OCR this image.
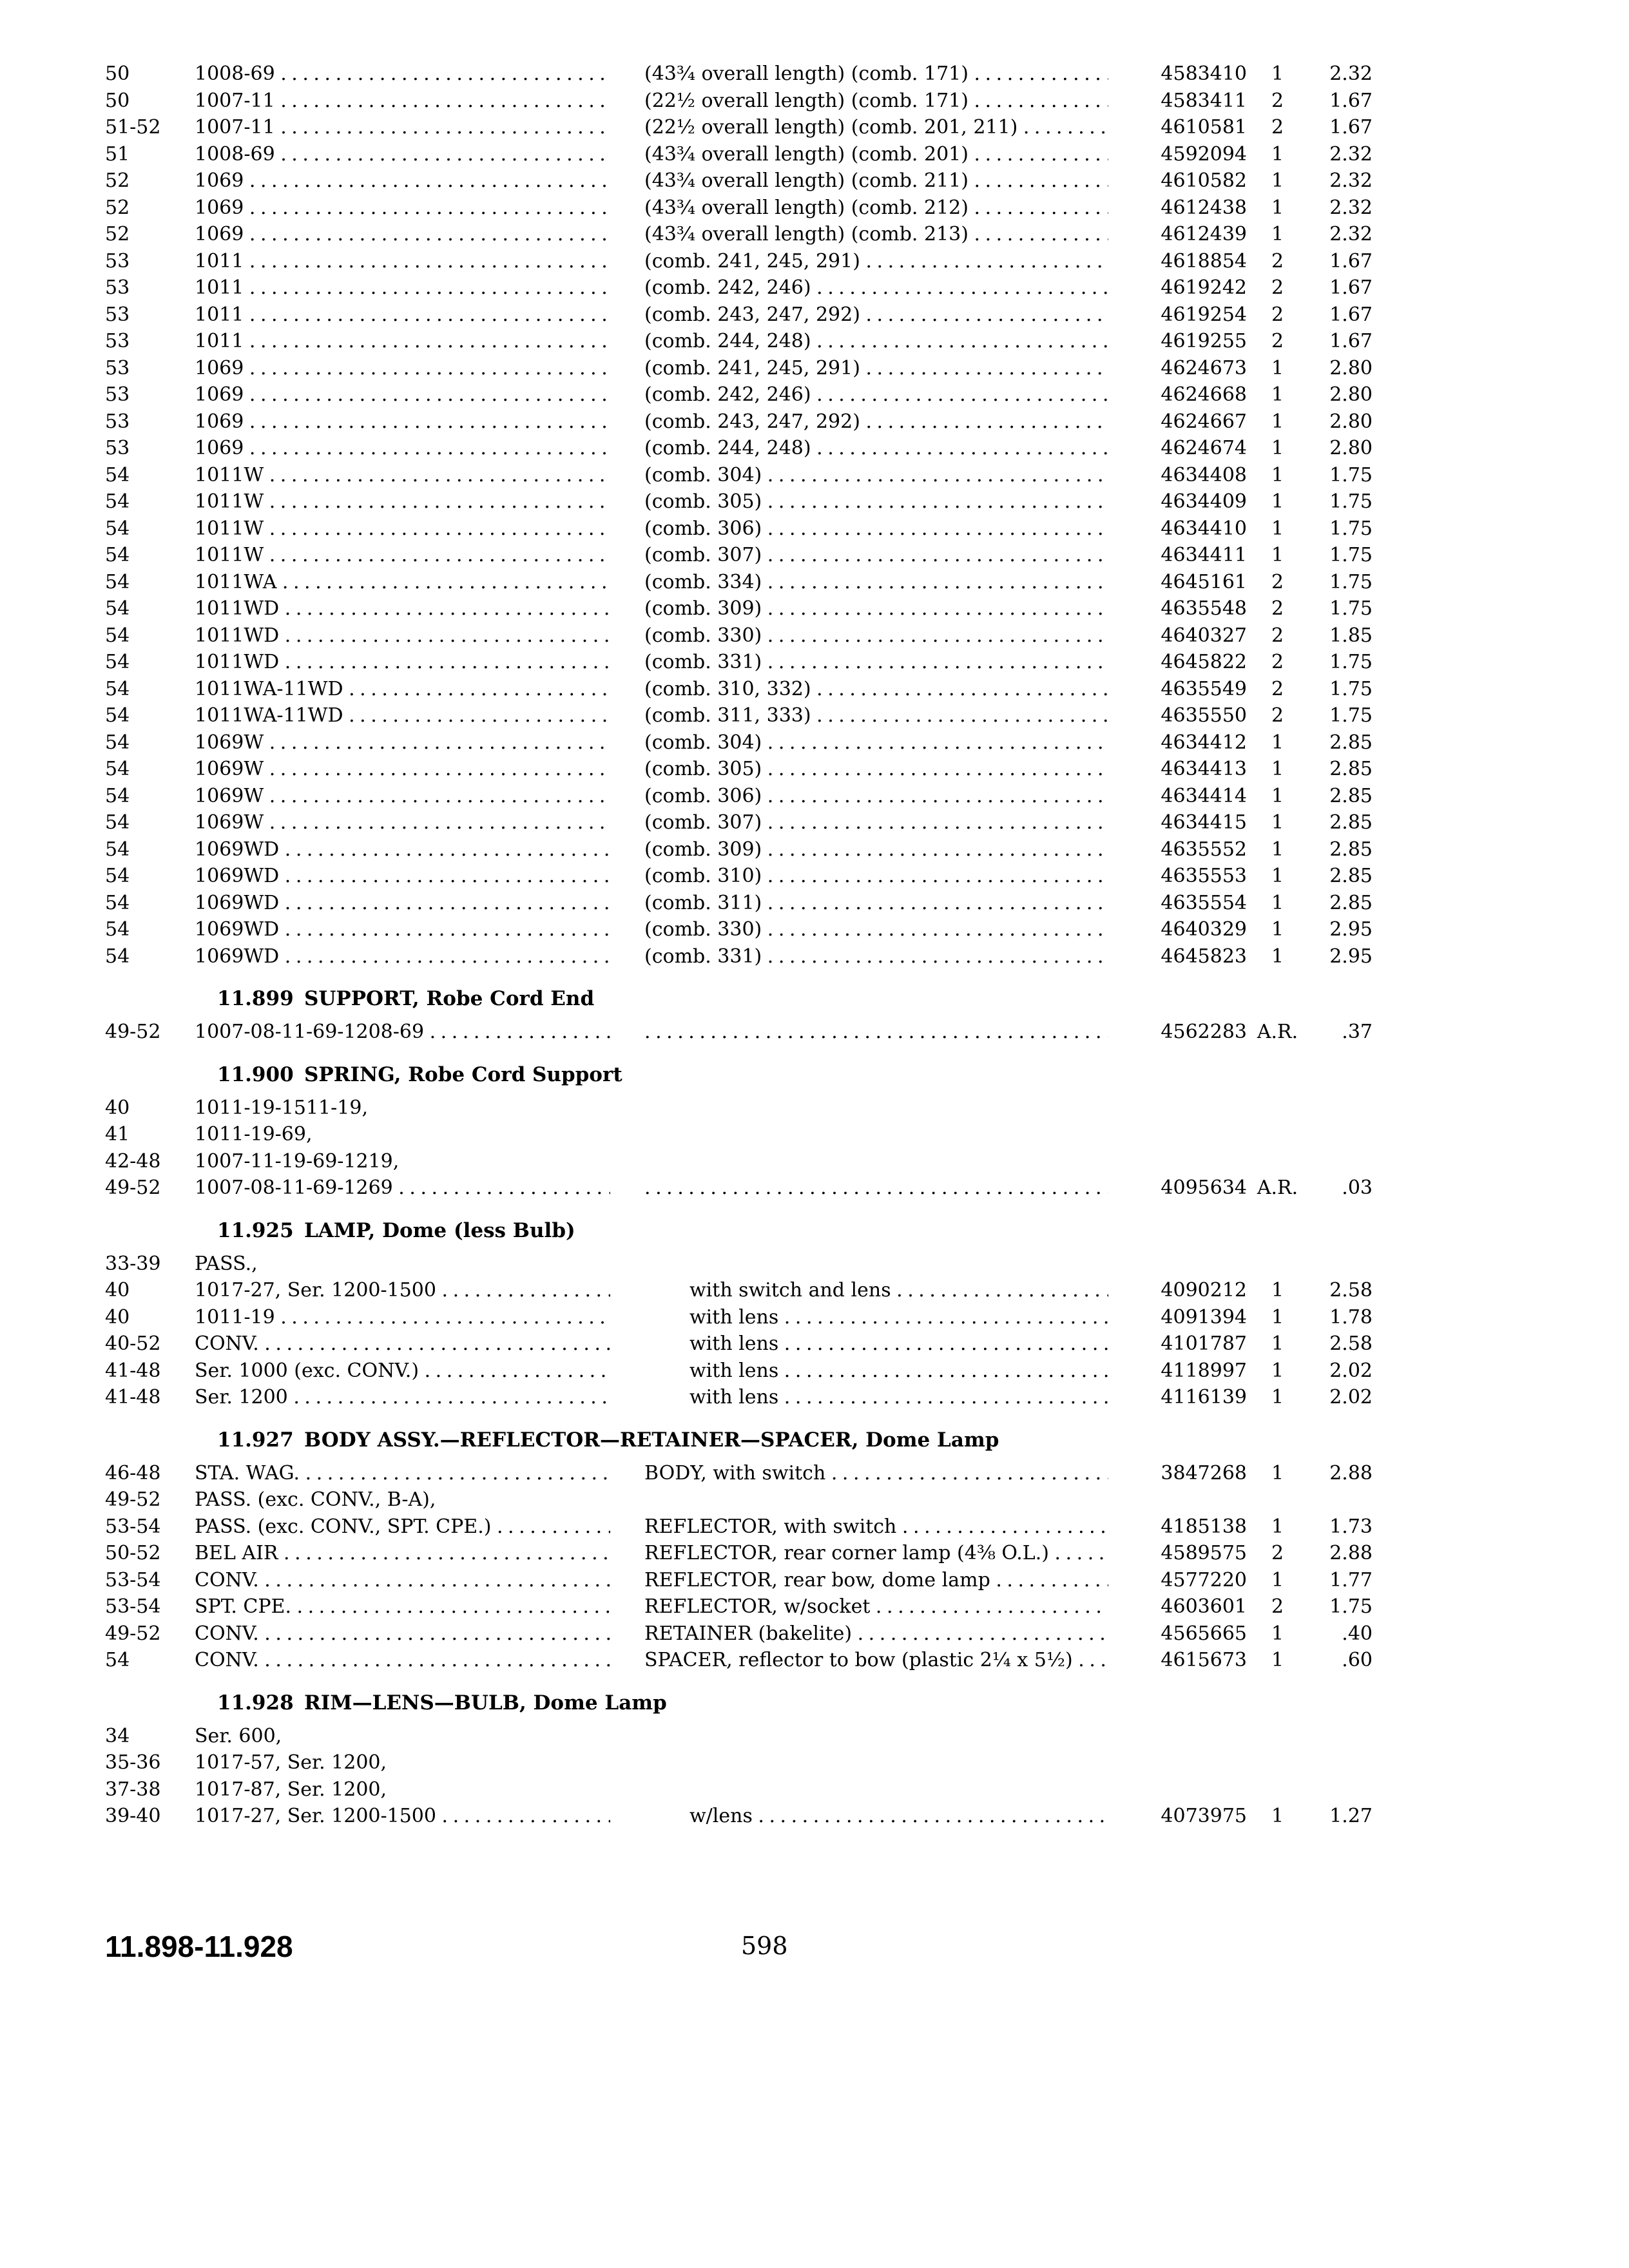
50	1008-69 . . .	(43¾ overall length) (comb. 171) . . .	4583410	1	2.32
50	1007-11 . . .	(22½ overall length) (comb. 171) . . .	4583411	2	1.67
51-52	1007-11 . . .	(22½ overall length) (comb. 201, 211) . . .	4610581	2	1.67
51	1008-69 . . .	(43¾ overall length) (comb. 201) . . .	4592094	1	2.32
52	1069 . . .	(43¾ overall length) (comb. 211) . . .	4610582	1	2.32
52	1069 . . .	(43¾ overall length) (comb. 212) . . .	4612438	1	2.32
52	1069 . . .	(43¾ overall length) (comb. 213) . . .	4612439	1	2.32
53	1011 . . .	(comb. 241, 245, 291) . . .	4618854	2	1.67
53	1011 . . .	(comb. 242, 246) . . .	4619242	2	1.67
53	1011 . . .	(comb. 243, 247, 292) . . .	4619254	2	1.67
53	1011 . . .	(comb. 244, 248) . . .	4619255	2	1.67
53	1069 . . .	(comb. 241, 245, 291) . . .	4624673	1	2.80
53	1069 . . .	(comb. 242, 246) . . .	4624668	1	2.80
53	1069 . . .	(comb. 243, 247, 292) . . .	4624667	1	2.80
53	1069 . . .	(comb. 244, 248) . . .	4624674	1	2.80
54	1011W . . .	(comb. 304) . . .	4634408	1	1.75
54	1011W . . .	(comb. 305) . . .	4634409	1	1.75
54	1011W . . .	(comb. 306) . . .	4634410	1	1.75
54	1011W . . .	(comb. 307) . . .	4634411	1	1.75
54	1011WA . . .	(comb. 334) . . .	4645161	2	1.75
54	1011WD . . .	(comb. 309) . . .	4635548	2	1.75
54	1011WD . . .	(comb. 330) . . .	4640327	2	1.85
54	1011WD . . .	(comb. 331) . . .	4645822	2	1.75
54	1011WA-11WD . . .	(comb. 310, 332) . . .	4635549	2	1.75
54	1011WA-11WD . . .	(comb. 311, 333) . . .	4635550	2	1.75
54	1069W . . .	(comb. 304) . . .	4634412	1	2.85
54	1069W . . .	(comb. 305) . . .	4634413	1	2.85
54	1069W . . .	(comb. 306) . . .	4634414	1	2.85
54	1069W . . .	(comb. 307) . . .	4634415	1	2.85
54	1069WD . . .	(comb. 309) . . .	4635552	1	2.85
54	1069WD . . .	(comb. 310) . . .	4635553	1	2.85
54	1069WD . . .	(comb. 311) . . .	4635554	1	2.85
54	1069WD . . .	(comb. 330) . . .	4640329	1	2.95
54	1069WD . . .	(comb. 331) . . .	4645823	1	2.95
11.899 SUPPORT, Robe Cord End
49-52	1007-08-11-69-1208-69 . . . . . .	4562283 A.R.	.37
11.900 SPRING, Robe Cord Support
40	1011-19-1511-19,
41	1011-19-69,
42-48	1007-11-19-69-1219,
49-52	1007-08-11-69-1269 . . . . . .	4095634 A.R.	.03
11.925 LAMP, Dome (less Bulb)
33-39	PASS.,
40	1017-27, Ser. 1200-1500 . . .	with switch and lens . . .	4090212	1	2.58
40	1011-19 . . .	with lens . . .	4091394	1	1.78
40-52	CONV. . . .	with lens . . .	4101787	1	2.58
41-48	Ser. 1000 (exc. CONV.) . . .	with lens . . .	4118997	1	2.02
41-48	Ser. 1200 . . .	with lens . . .	4116139	1	2.02
11.927 BODY ASSY.—REFLECTOR—RETAINER—SPACER, Dome Lamp
46-48	STA. WAG. . . .	BODY, with switch . . .	3847268	1	2.88
49-52	PASS. (exc. CONV., B-A),
53-54	PASS. (exc. CONV., SPT. CPE.) . . .	REFLECTOR, with switch . . .	4185138	1	1.73
50-52	BEL AIR . . .	REFLECTOR, rear corner lamp (4⅜ O.L.) . . .	4589575	2	2.88
53-54	CONV. . . .	REFLECTOR, rear bow, dome lamp . . .	4577220	1	1.77
53-54	SPT. CPE. . . .	REFLECTOR, w/socket . . .	4603601	2	1.75
49-52	CONV. . . .	RETAINER (bakelite) . . .	4565665	1	.40
54	CONV. . . .	SPACER, reflector to bow (plastic 2¼ x 5½) . . .	4615673	1	.60
11.928 RIM—LENS—BULB, Dome Lamp
34	Ser. 600,
35-36	1017-57, Ser. 1200,
37-38	1017-87, Ser. 1200,
39-40	1017-27, Ser. 1200-1500 . . .	w/lens . . .	4073975	1	1.27
11.898-11.928	598
